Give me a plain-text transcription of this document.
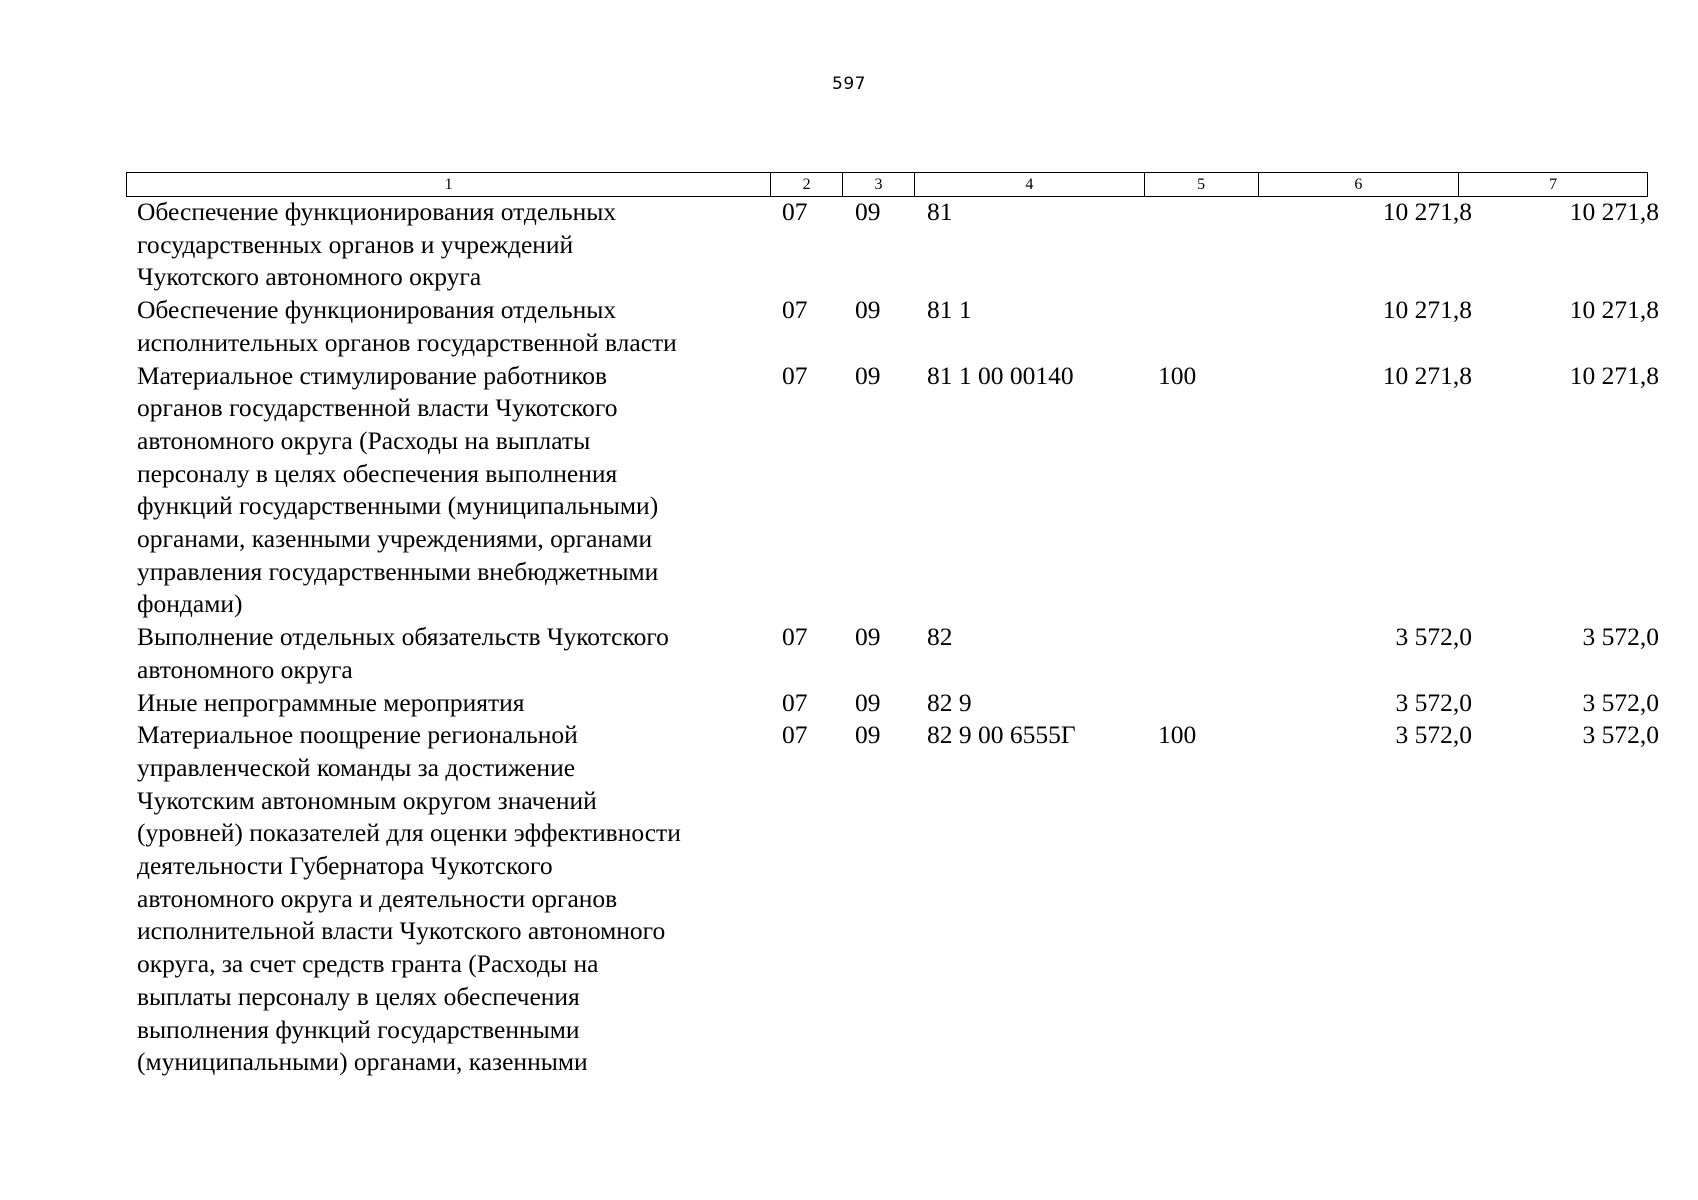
597
1	2	3	4	5	6	7
Обеспечение функционирования отдельных
государственных органов и учреждений
Чукотского автономного округа
07 09 81	10 271,8	10 271,8
Обеспечение функционирования отдельных
исполнительных органов государственной власти
07 09 81 1	10 271,8	10 271,8
Материальное стимулирование работников
органов государственной власти Чукотского
автономного округа (Расходы на выплаты
персоналу в целях обеспечения выполнения
функций государственными (муниципальными)
органами, казенными учреждениями, органами
управления государственными внебюджетными
фондами)
07 09 81 1 00 00140	100	10 271,8	10 271,8
Выполнение отдельных обязательств Чукотского
автономного округа
07 09 82	3 572,0	3 572,0
Иные непрограммные мероприятия	07 09 82 9	3 572,0	3 572,0
Материальное поощрение региональной
управленческой команды за достижение
Чукотским автономным округом значений
(уровней) показателей для оценки эффективности
деятельности Губернатора Чукотского
автономного округа и деятельности органов
исполнительной власти Чукотского автономного
округа, за счет средств гранта (Расходы на
выплаты персоналу в целях обеспечения
выполнения функций государственными
(муниципальными) органами, казенными
07 09 82 9 00 6555Г	100	3 572,0	3 572,0
